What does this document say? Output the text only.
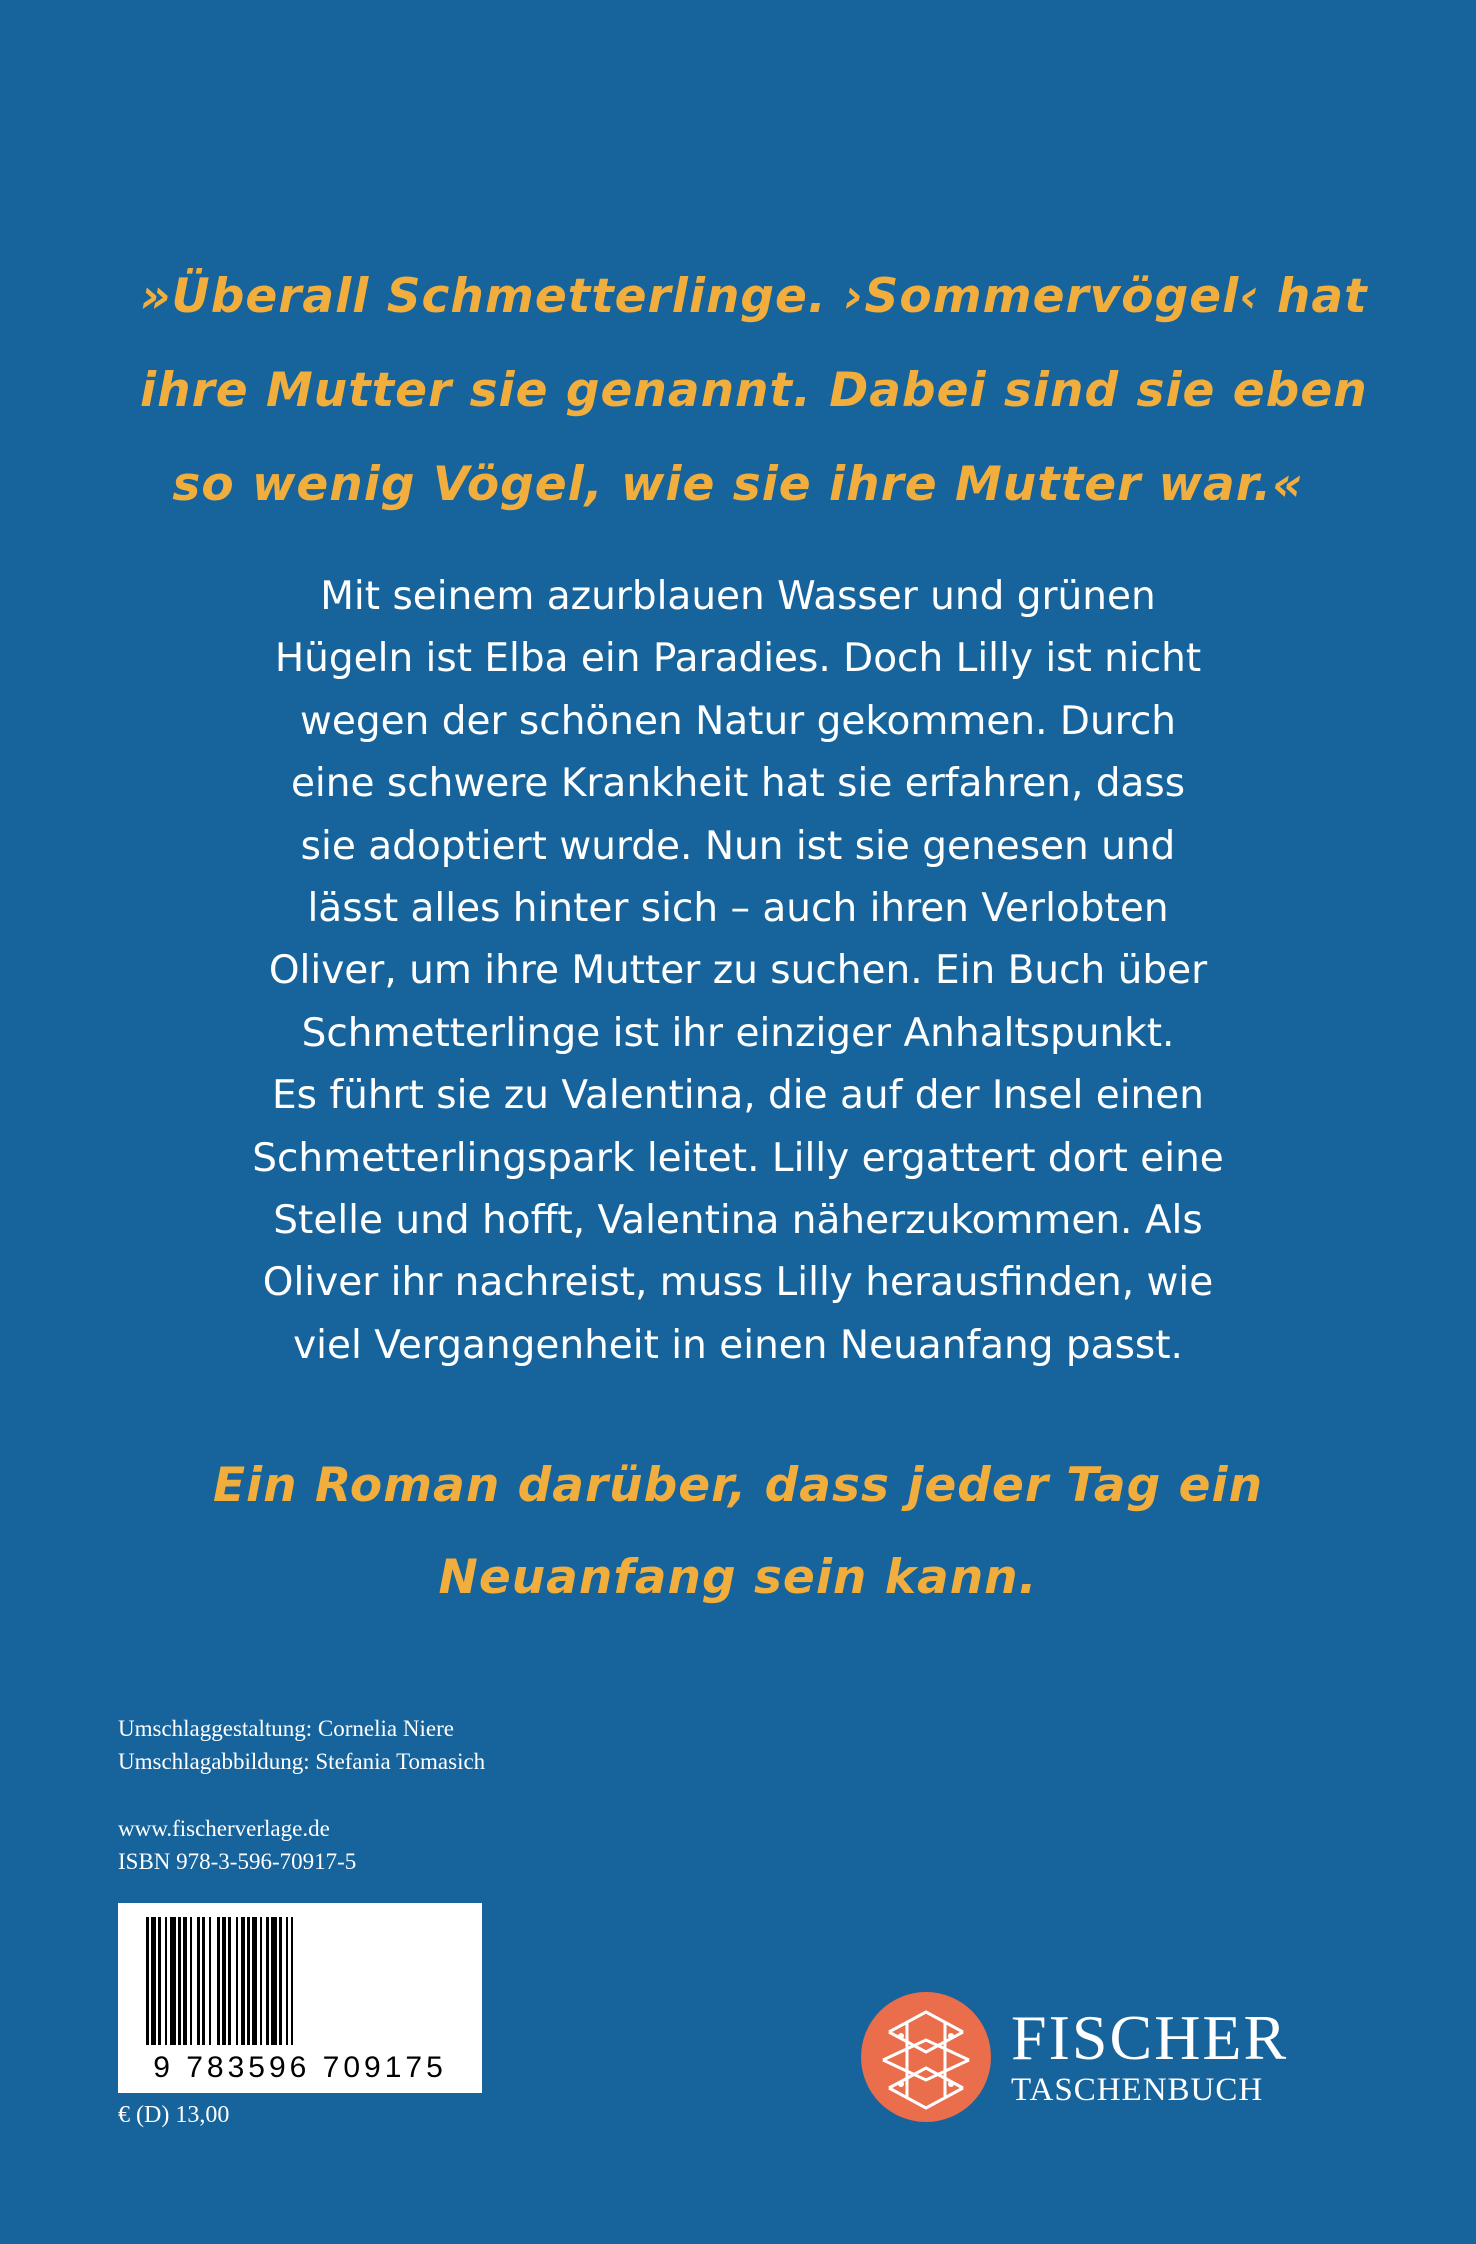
»Überall Schmetterlinge. ›Sommervögel‹ hat
ihre Mutter sie genannt. Dabei sind sie eben
so wenig Vögel, wie sie ihre Mutter war.«
Mit seinem azurblauen Wasser und grünen
Hügeln ist Elba ein Paradies. Doch Lilly ist nicht
wegen der schönen Natur gekommen. Durch
eine schwere Krankheit hat sie erfahren, dass
sie adoptiert wurde. Nun ist sie genesen und
lässt alles hinter sich – auch ihren Verlobten
Oliver, um ihre Mutter zu suchen. Ein Buch über
Schmetterlinge ist ihr einziger Anhaltspunkt.
Es führt sie zu Valentina, die auf der Insel einen
Schmetterlingspark leitet. Lilly ergattert dort eine
Stelle und hofft, Valentina näherzukommen. Als
Oliver ihr nachreist, muss Lilly herausfinden, wie
viel Vergangenheit in einen Neuanfang passt.
Ein Roman darüber, dass jeder Tag ein
Neuanfang sein kann.
Umschlaggestaltung: Cornelia Niere
Umschlagabbildung: Stefania Tomasich
www.fischerverlage.de
ISBN 978-3-596-70917-5
9 783596 709175
€ (D) 13,00
FISCHER
TASCHENBUCH
